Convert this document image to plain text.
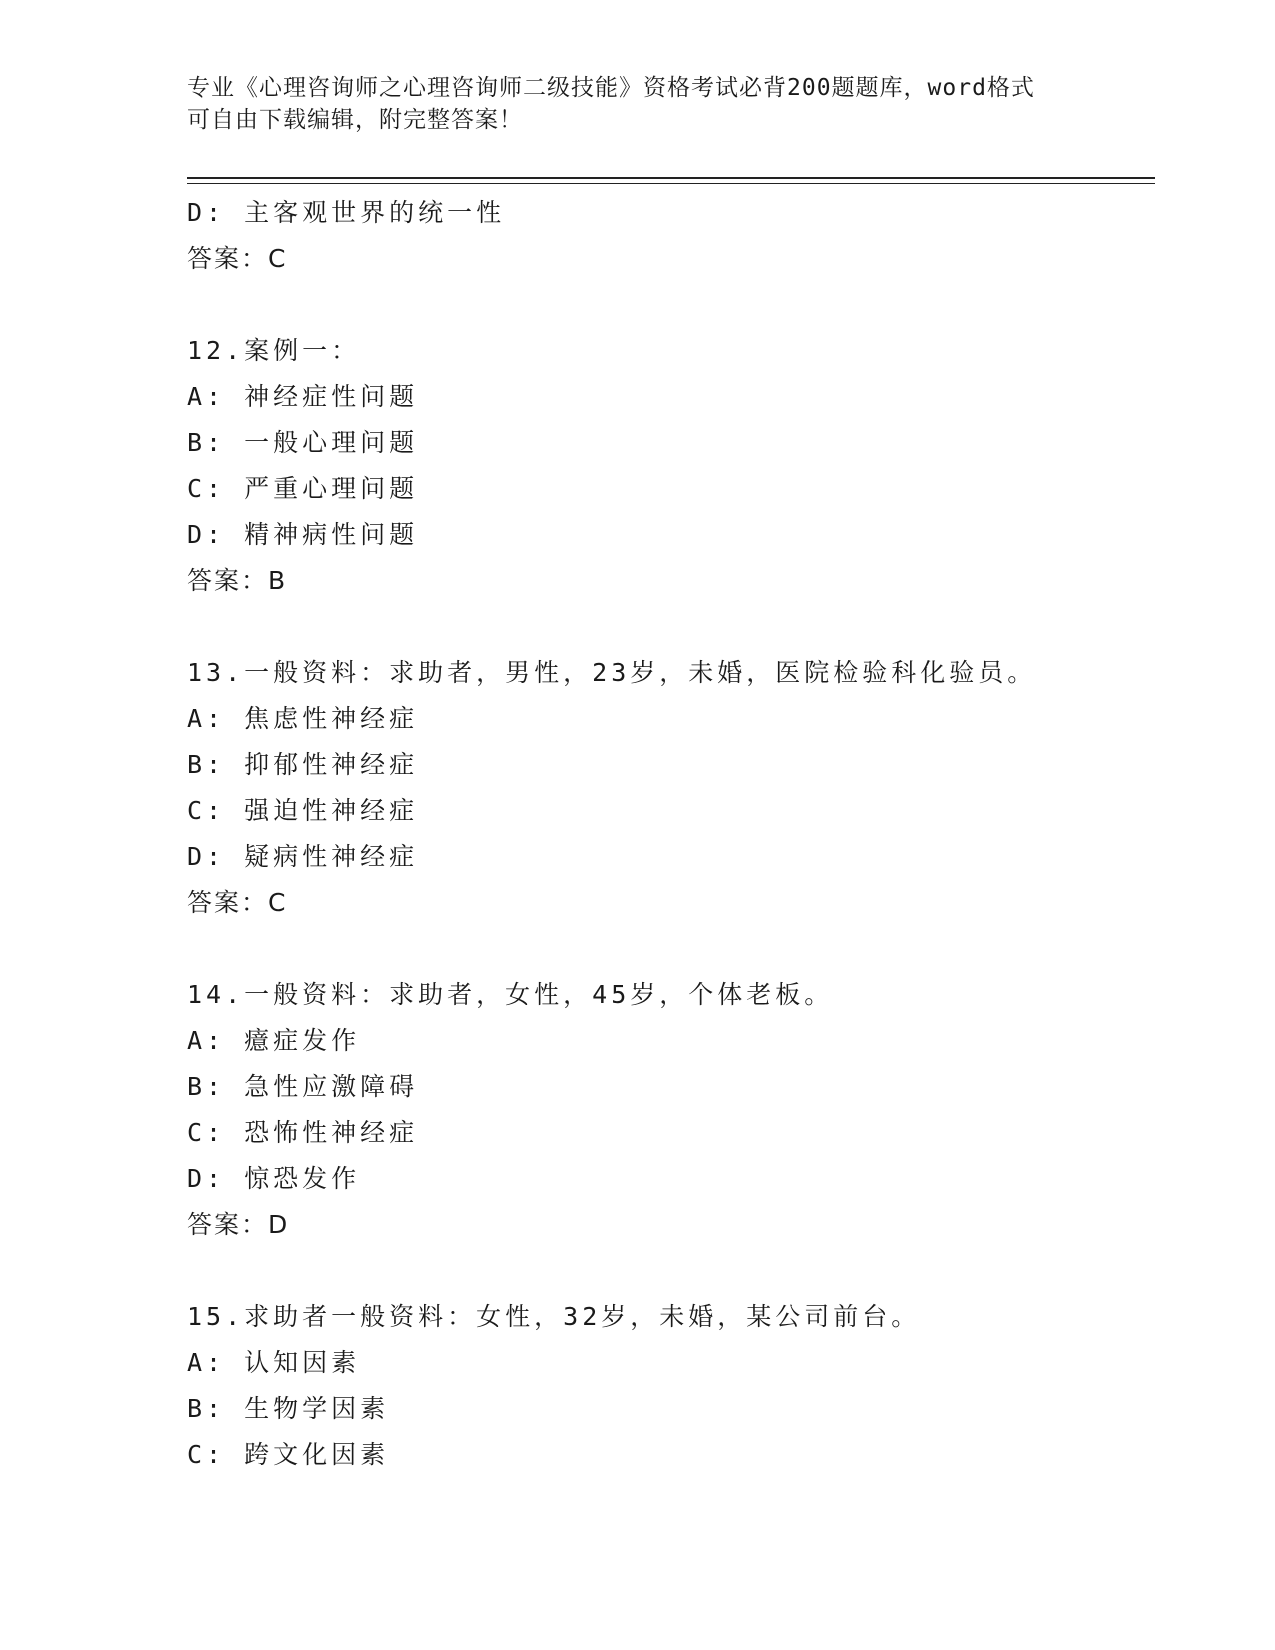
专业《心理咨询师之心理咨询师二级技能》资格考试必背200题题库，word格式
可自由下载编辑，附完整答案！
D: 主客观世界的统一性
答案：C
12.案例一：
A: 神经症性问题
B: 一般心理问题
C: 严重心理问题
D: 精神病性问题
答案：B
13.一般资料：求助者，男性，23岁，未婚，医院检验科化验员。
A: 焦虑性神经症
B: 抑郁性神经症
C: 强迫性神经症
D: 疑病性神经症
答案：C
14.一般资料：求助者，女性，45岁，个体老板。
A: 癔症发作
B: 急性应激障碍
C: 恐怖性神经症
D: 惊恐发作
答案：D
15.求助者一般资料：女性，32岁，未婚，某公司前台。
A: 认知因素
B: 生物学因素
C: 跨文化因素
